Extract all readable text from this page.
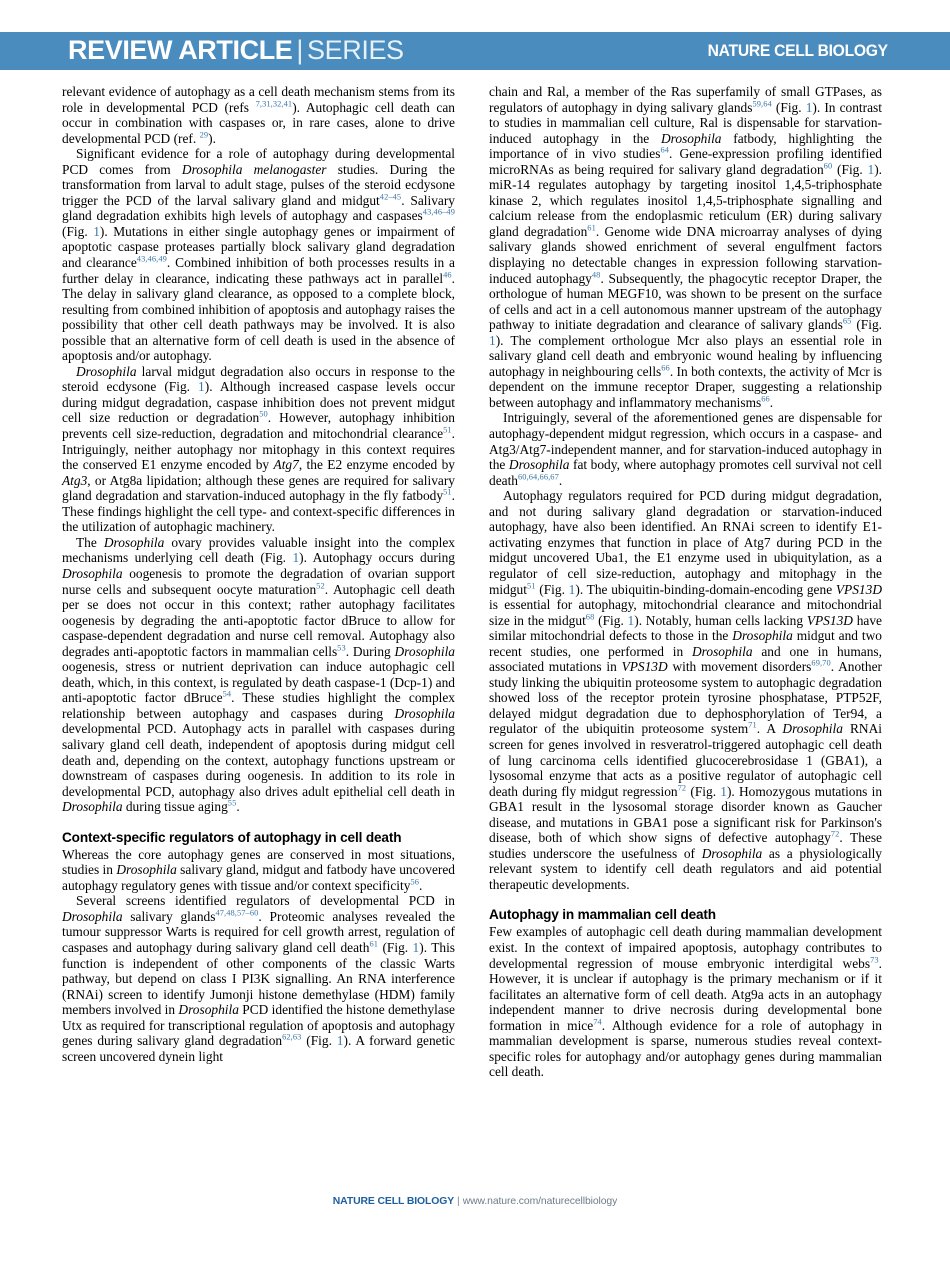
REVIEW ARTICLE | SERIES	NATURE CELL BIOLOGY

relevant evidence of autophagy as a cell death mechanism stems from its role in developmental PCD (refs $^{7,31,32,41}$). Autophagic cell death can occur in combination with caspases or, in rare cases, alone to drive developmental PCD (ref. $^{29}$).

Significant evidence for a role of autophagy during developmental PCD comes from Drosophila melanogaster studies. During the transformation from larval to adult stage, pulses of the steroid ecdysone trigger the PCD of the larval salivary gland and midgut$^{42-45}$. Salivary gland degradation exhibits high levels of autophagy and caspases$^{43,46-49}$ (Fig. 1). Mutations in either single autophagy genes or impairment of apoptotic caspase proteases partially block salivary gland degradation and clearance$^{43,46,49}$. Combined inhibition of both processes results in a further delay in clearance, indicating these pathways act in parallel$^{46}$. The delay in salivary gland clearance, as opposed to a complete block, resulting from combined inhibition of apoptosis and autophagy raises the possibility that other cell death pathways may be involved. It is also possible that an alternative form of cell death is used in the absence of apoptosis and/or autophagy.

Drosophila larval midgut degradation also occurs in response to the steroid ecdysone (Fig. 1). Although increased caspase levels occur during midgut degradation, caspase inhibition does not prevent midgut cell size reduction or degradation$^{50}$. However, autophagy inhibition prevents cell size-reduction, degradation and mitochondrial clearance$^{51}$. Intriguingly, neither autophagy nor mitophagy in this context requires the conserved E1 enzyme encoded by Atg7, the E2 enzyme encoded by Atg3, or Atg8a lipidation; although these genes are required for salivary gland degradation and starvation-induced autophagy in the fly fatbody$^{51}$. These findings highlight the cell type- and context-specific differences in the utilization of autophagic machinery.

The Drosophila ovary provides valuable insight into the complex mechanisms underlying cell death (Fig. 1). Autophagy occurs during Drosophila oogenesis to promote the degradation of ovarian support nurse cells and subsequent oocyte maturation$^{52}$. Autophagic cell death per se does not occur in this context; rather autophagy facilitates oogenesis by degrading the anti-apoptotic factor dBruce to allow for caspase-dependent degradation and nurse cell removal. Autophagy also degrades anti-apoptotic factors in mammalian cells$^{53}$. During Drosophila oogenesis, stress or nutrient deprivation can induce autophagic cell death, which, in this context, is regulated by death caspase-1 (Dcp-1) and anti-apoptotic factor dBruce$^{54}$. These studies highlight the complex relationship between autophagy and caspases during Drosophila developmental PCD. Autophagy acts in parallel with caspases during salivary gland cell death, independent of apoptosis during midgut cell death and, depending on the context, autophagy functions upstream or downstream of caspases during oogenesis. In addition to its role in developmental PCD, autophagy also drives adult epithelial cell death in Drosophila during tissue aging$^{55}$.

Context-specific regulators of autophagy in cell death

Whereas the core autophagy genes are conserved in most situations, studies in Drosophila salivary gland, midgut and fatbody have uncovered autophagy regulatory genes with tissue and/or context specificity$^{56}$.

Several screens identified regulators of developmental PCD in Drosophila salivary glands$^{47,48,57-60}$. Proteomic analyses revealed the tumour suppressor Warts is required for cell growth arrest, regulation of caspases and autophagy during salivary gland cell death$^{61}$ (Fig. 1). This function is independent of other components of the classic Warts pathway, but depend on class I PI3K signalling. An RNA interference (RNAi) screen to identify Jumonji histone demethylase (HDM) family members involved in Drosophila PCD identified the histone demethylase Utx as required for transcriptional regulation of apoptosis and autophagy genes during salivary gland degradation$^{62,63}$ (Fig. 1). A forward genetic screen uncovered dynein light

chain and Ral, a member of the Ras superfamily of small GTPases, as regulators of autophagy in dying salivary glands$^{59,64}$ (Fig. 1). In contrast to studies in mammalian cell culture, Ral is dispensable for starvation-induced autophagy in the Drosophila fatbody, highlighting the importance of in vivo studies$^{64}$. Gene-expression profiling identified microRNAs as being required for salivary gland degradation$^{60}$ (Fig. 1). miR-14 regulates autophagy by targeting inositol 1,4,5-triphosphate kinase 2, which regulates inositol 1,4,5-triphosphate signalling and calcium release from the endoplasmic reticulum (ER) during salivary gland degradation$^{61}$. Genome wide DNA microarray analyses of dying salivary glands showed enrichment of several engulfment factors displaying no detectable changes in expression following starvation-induced autophagy$^{48}$. Subsequently, the phagocytic receptor Draper, the orthologue of human MEGF10, was shown to be present on the surface of cells and act in a cell autonomous manner upstream of the autophagy pathway to initiate degradation and clearance of salivary glands$^{65}$ (Fig. 1). The complement orthologue Mcr also plays an essential role in salivary gland cell death and embryonic wound healing by influencing autophagy in neighbouring cells$^{66}$. In both contexts, the activity of Mcr is dependent on the immune receptor Draper, suggesting a relationship between autophagy and inflammatory mechanisms$^{66}$.

Intriguingly, several of the aforementioned genes are dispensable for autophagy-dependent midgut regression, which occurs in a caspase- and Atg3/Atg7-independent manner, and for starvation-induced autophagy in the Drosophila fat body, where autophagy promotes cell survival not cell death$^{60,64,66,67}$.

Autophagy regulators required for PCD during midgut degradation, and not during salivary gland degradation or starvation-induced autophagy, have also been identified. An RNAi screen to identify E1-activating enzymes that function in place of Atg7 during PCD in the midgut uncovered Uba1, the E1 enzyme used in ubiquitylation, as a regulator of cell size-reduction, autophagy and mitophagy in the midgut$^{51}$ (Fig. 1). The ubiquitin-binding-domain-encoding gene VPS13D is essential for autophagy, mitochondrial clearance and mitochondrial size in the midgut$^{68}$ (Fig. 1). Notably, human cells lacking VPS13D have similar mitochondrial defects to those in the Drosophila midgut and two recent studies, one performed in Drosophila and one in humans, associated mutations in VPS13D with movement disorders$^{69,70}$. Another study linking the ubiquitin proteosome system to autophagic degradation showed loss of the receptor protein tyrosine phosphatase, PTP52F, delayed midgut degradation due to dephosphorylation of Ter94, a regulator of the ubiquitin proteosome system$^{71}$. A Drosophila RNAi screen for genes involved in resveratrol-triggered autophagic cell death of lung carcinoma cells identified glucocerebrosidase 1 (GBA1), a lysosomal enzyme that acts as a positive regulator of autophagic cell death during fly midgut regression$^{72}$ (Fig. 1). Homozygous mutations in GBA1 result in the lysosomal storage disorder known as Gaucher disease, and mutations in GBA1 pose a significant risk for Parkinson's disease, both of which show signs of defective autophagy$^{72}$. These studies underscore the usefulness of Drosophila as a physiologically relevant system to identify cell death regulators and aid potential therapeutic developments.

Autophagy in mammalian cell death

Few examples of autophagic cell death during mammalian development exist. In the context of impaired apoptosis, autophagy contributes to developmental regression of mouse embryonic interdigital webs$^{73}$. However, it is unclear if autophagy is the primary mechanism or if it facilitates an alternative form of cell death. Atg9a acts in an autophagy independent manner to drive necrosis during developmental bone formation in mice$^{74}$. Although evidence for a role of autophagy in mammalian development is sparse, numerous studies reveal context-specific roles for autophagy and/or autophagy genes during mammalian cell death.

NATURE CELL BIOLOGY | www.nature.com/naturecellbiology
